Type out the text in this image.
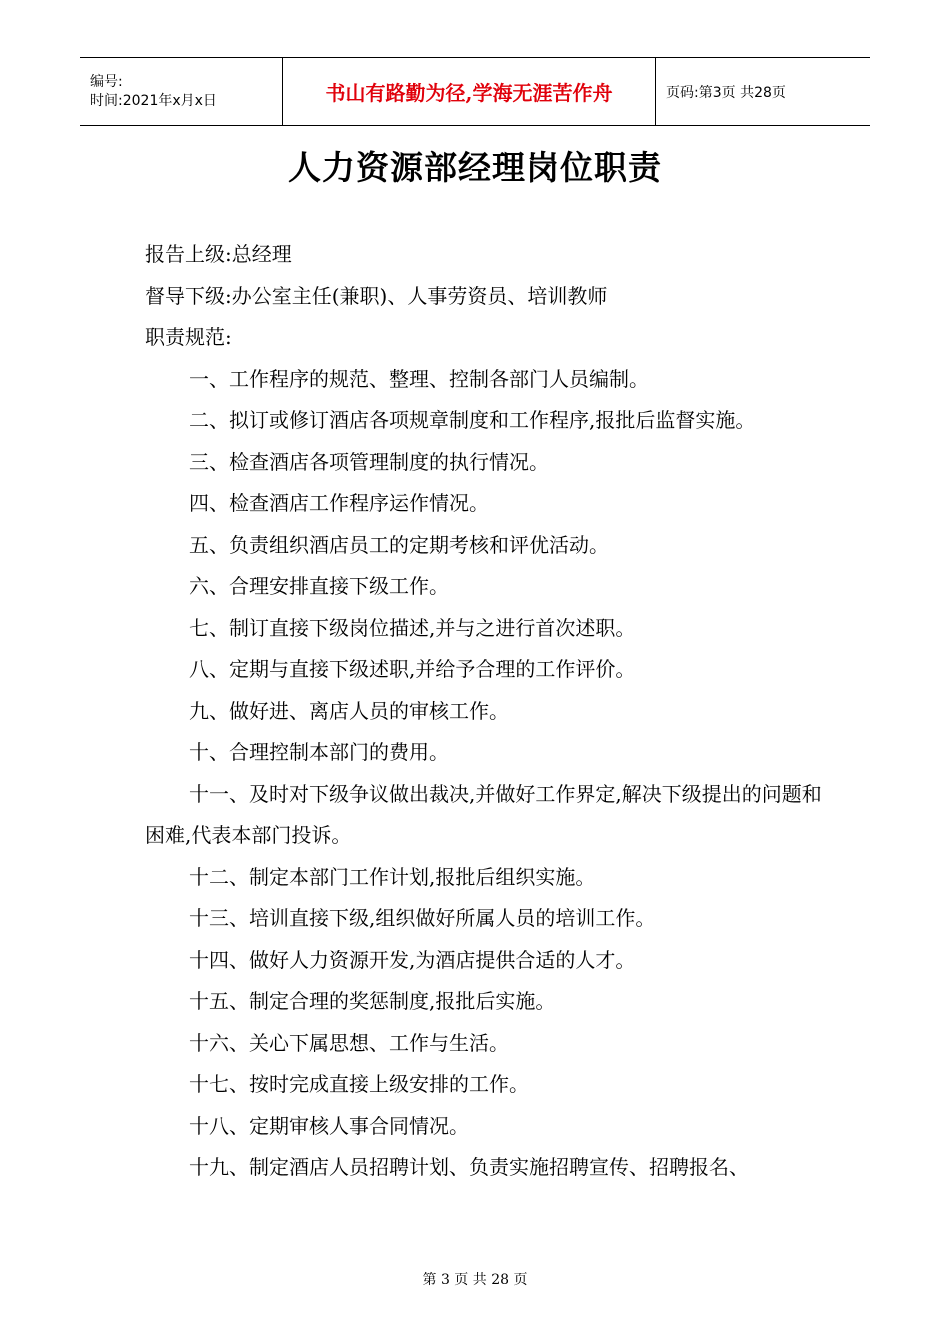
编号:
时间:2021年x月x日	书山有路勤为径,学海无涯苦作舟	页码:第3页 共28页
人力资源部经理岗位职责

报告上级:总经理

督导下级:办公室主任(兼职)、人事劳资员、培训教师

职责规范:

一、工作程序的规范、整理、控制各部门人员编制。

二、拟订或修订酒店各项规章制度和工作程序,报批后监督实施。

三、检查酒店各项管理制度的执行情况。

四、检查酒店工作程序运作情况。

五、负责组织酒店员工的定期考核和评优活动。

六、合理安排直接下级工作。

七、制订直接下级岗位描述,并与之进行首次述职。

八、定期与直接下级述职,并给予合理的工作评价。

九、做好进、离店人员的审核工作。

十、合理控制本部门的费用。

十一、及时对下级争议做出裁决,并做好工作界定,解决下级提出的问题和困难,代表本部门投诉。

十二、制定本部门工作计划,报批后组织实施。

十三、培训直接下级,组织做好所属人员的培训工作。

十四、做好人力资源开发,为酒店提供合适的人才。

十五、制定合理的奖惩制度,报批后实施。

十六、关心下属思想、工作与生活。

十七、按时完成直接上级安排的工作。

十八、定期审核人事合同情况。

十九、制定酒店人员招聘计划、负责实施招聘宣传、招聘报名、

第 3 页 共 28 页
